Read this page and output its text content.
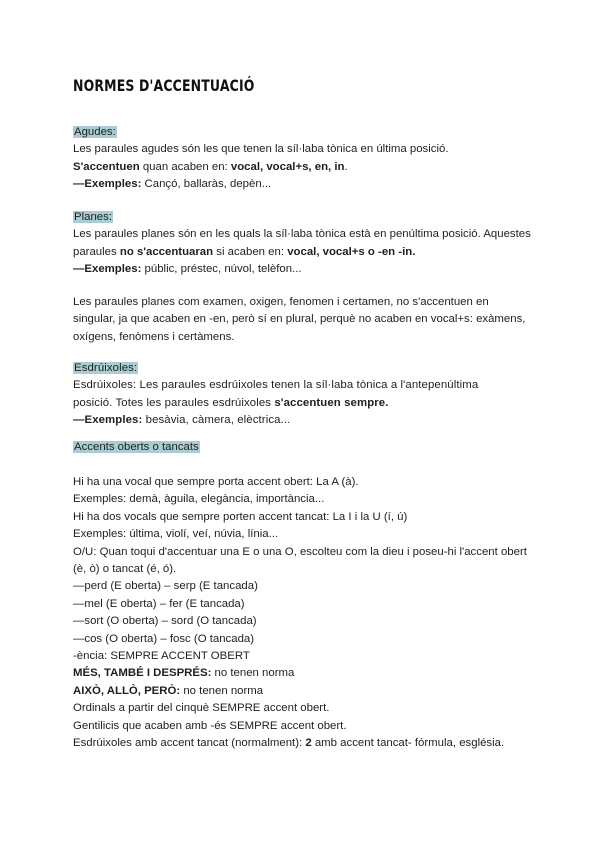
NORMES D'ACCENTUACIÓ
Agudes:
Les paraules agudes són les que tenen la síl·laba tònica en última posició.
S'accentuen quan acaben en: vocal, vocal+s, en, in.
—Exemples: Cançó, ballaràs, depèn...
Planes:
Les paraules planes són en les quals la síl·laba tònica està en penúltima posició. Aquestes
paraules no s'accentuaran si acaben en: vocal, vocal+s o -en -in.
—Exemples: públic, préstec, núvol, telèfon...
Les paraules planes com examen, oxigen, fenomen i certamen, no s'accentuen en
singular, ja que acaben en -en, però sí en plural, perquè no acaben en vocal+s: exàmens,
oxígens, fenòmens i certàmens.
Esdrúixoles:
Esdrúixoles: Les paraules esdrúixoles tenen la síl·laba tònica a l'antepenúltima
posició. Totes les paraules esdrúixoles s'accentuen sempre.
—Exemples: besàvia, càmera, elèctrica...
Accents oberts o tancats
Hi ha una vocal que sempre porta accent obert: La A (à).
Exemples: demà, àguila, elegància, importància...
Hi ha dos vocals que sempre porten accent tancat: La I i la U (í, ú)
Exemples: última, violí, veí, núvia, línia...
O/U: Quan toqui d'accentuar una E o una O, escolteu com la dieu i poseu-hi l'accent obert
(è, ò) o tancat (é, ó).
—perd (E oberta) – serp (E tancada)
—mel (E oberta) – fer (E tancada)
—sort (O oberta) – sord (O tancada)
—cos (O oberta) – fosc (O tancada)
-ència: SEMPRE ACCENT OBERT
MÉS, TAMBÉ I DESPRÉS: no tenen norma
AIXÒ, ALLÒ, PERÒ: no tenen norma
Ordinals a partir del cinquè SEMPRE accent obert.
Gentilicis que acaben amb -és SEMPRE accent obert.
Esdrúixoles amb accent tancat (normalment): 2 amb accent tancat- fórmula, església.
